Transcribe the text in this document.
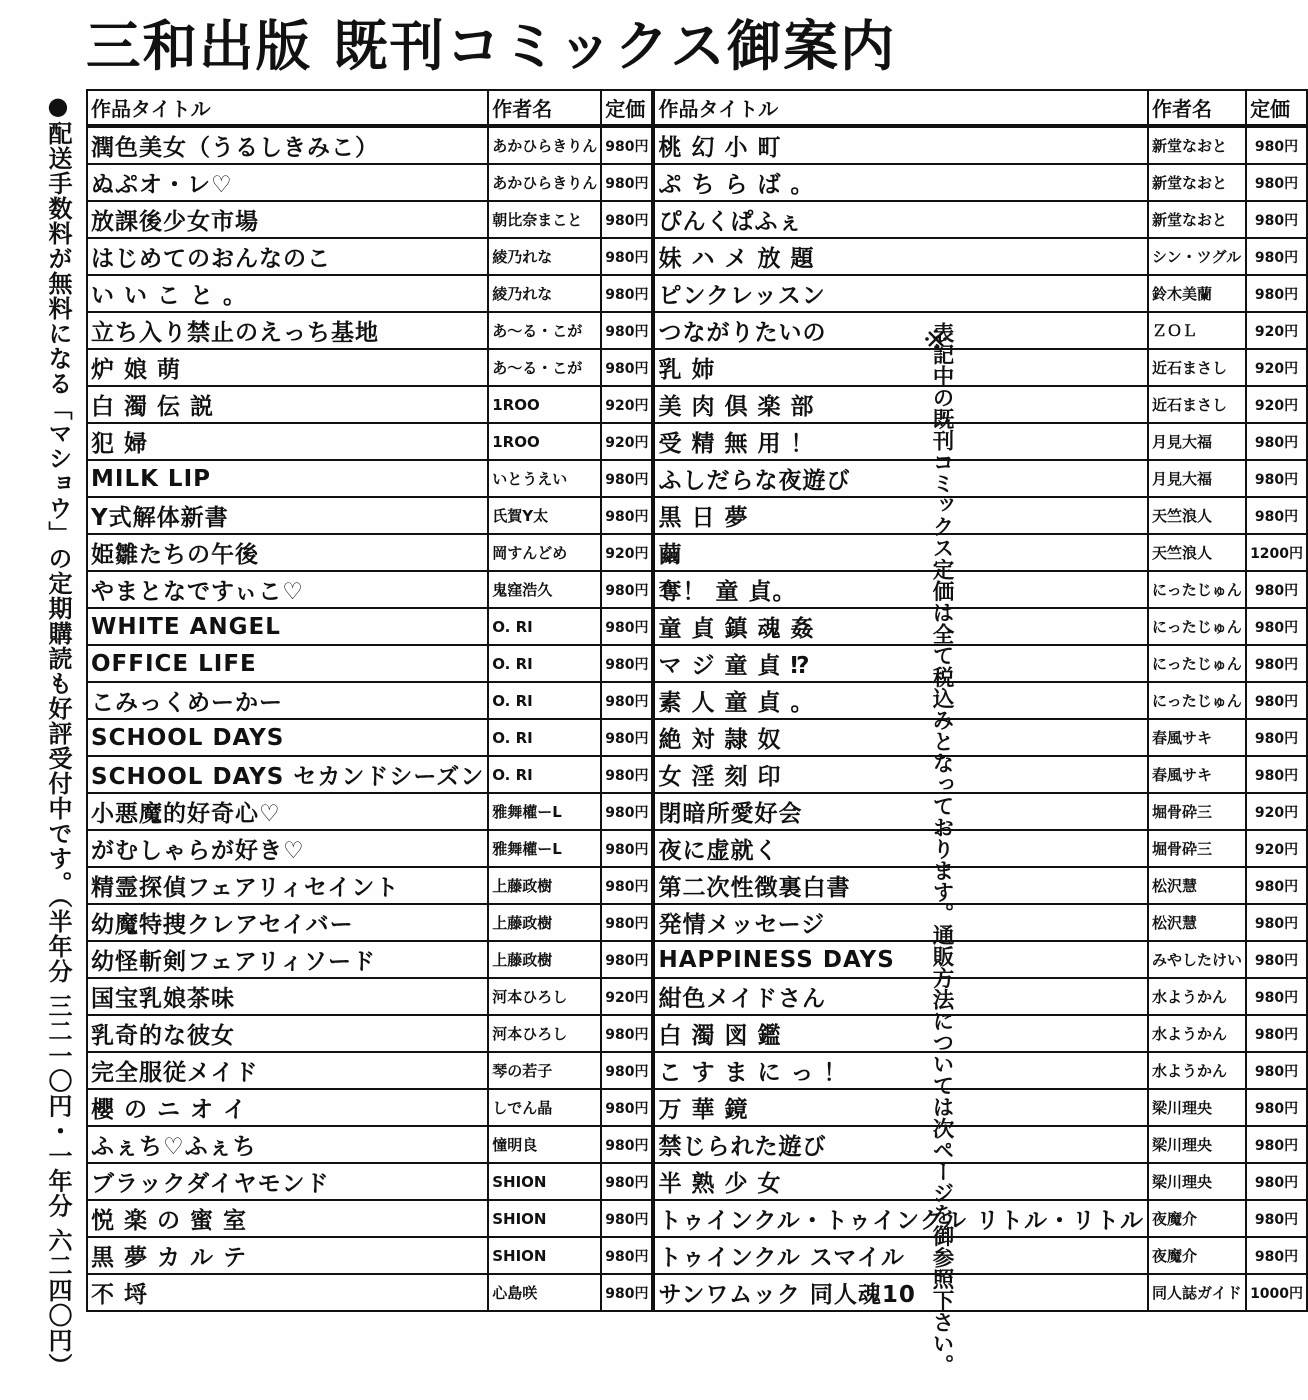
三和出版 既刊コミックス御案内
●配送手数料が無料になる「マショウ」の定期購読も好評受付中です。（半年分 三二一〇円・一年分 六二四〇円）	表記中の既刊コミックス定価は全て税込みとなっております。通販方法については次ページを御参照下さい。
作品タイトル	作者名	定価	作品タイトル	作者名	定価
潤色美女（うるしきみこ）	あかひらきりん	980円	桃 幻 小 町	新堂なおと	980円
ぬぷオ・レ♡	あかひらきりん	980円	ぷ ち ら ば 。	新堂なおと	980円
放課後少女市場	朝比奈まこと	980円	ぴんくぱふぇ	新堂なおと	980円
はじめてのおんなのこ	綾乃れな	980円	妹 ハ メ 放 題	シン・ツグル	980円
い い こ と 。	綾乃れな	980円	ピンクレッスン	鈴木美蘭	980円
立ち入り禁止のえっち基地	あ～る・こが	980円	つながりたいの	ＺＯＬ	920円
炉 娘 萌	あ～る・こが	980円	乳 姉	近石まさし	920円
白 濁 伝 説	1ROO	920円	美 肉 倶 楽 部	近石まさし	920円
犯 婦	1ROO	920円	受 精 無 用 ！	月見大福	980円
MILK LIP	いとうえい	980円	ふしだらな夜遊び	月見大福	980円
Y式解体新書	氏賀Y太	980円	黒 日 夢	天竺浪人	980円
姫雛たちの午後	岡すんどめ	920円	繭	天竺浪人	1200円
やまとなですぃこ♡	鬼窪浩久	980円	奪！ 童 貞。	にったじゅん	980円
WHITE ANGEL	O. RI	980円	童 貞 鎮 魂 姦	にったじゅん	980円
OFFICE LIFE	O. RI	980円	マ ジ 童 貞 ⁉	にったじゅん	980円
こみっくめーかー	O. RI	980円	素 人 童 貞 。	にったじゅん	980円
SCHOOL DAYS	O. RI	980円	絶 対 隷 奴	春風サキ	980円
SCHOOL DAYS セカンドシーズン	O. RI	980円	女 淫 刻 印	春風サキ	980円
小悪魔的好奇心♡	雅舞權ーL	980円	閉暗所愛好会	堀骨砕三	920円
がむしゃらが好き♡	雅舞權ーL	980円	夜に虚就く	堀骨砕三	920円
精霊探偵フェアリィセイント	上藤政樹	980円	第二次性徴裏白書	松沢慧	980円
幼魔特捜クレアセイバー	上藤政樹	980円	発情メッセージ	松沢慧	980円
幼怪斬剣フェアリィソード	上藤政樹	980円	HAPPINESS DAYS	みやしたけい	980円
国宝乳娘茶味	河本ひろし	920円	紺色メイドさん	水ようかん	980円
乳奇的な彼女	河本ひろし	980円	白 濁 図 鑑	水ようかん	980円
完全服従メイド	琴の若子	980円	こ す ま に っ ！	水ようかん	980円
櫻 の ニ オ イ	しでん晶	980円	万 華 鏡	梁川理央	980円
ふぇち♡ふぇち	憧明良	980円	禁じられた遊び	梁川理央	980円
ブラックダイヤモンド	SHION	980円	半 熟 少 女	梁川理央	980円
悦 楽 の 蜜 室	SHION	980円	トゥインクル・トゥインクル リトル・リトル	夜魔介	980円
黒 夢 カ ル テ	SHION	980円	トゥインクル スマイル	夜魔介	980円
不 埒	心島咲	980円	サンワムック 同人魂10	同人誌ガイド	1000円
